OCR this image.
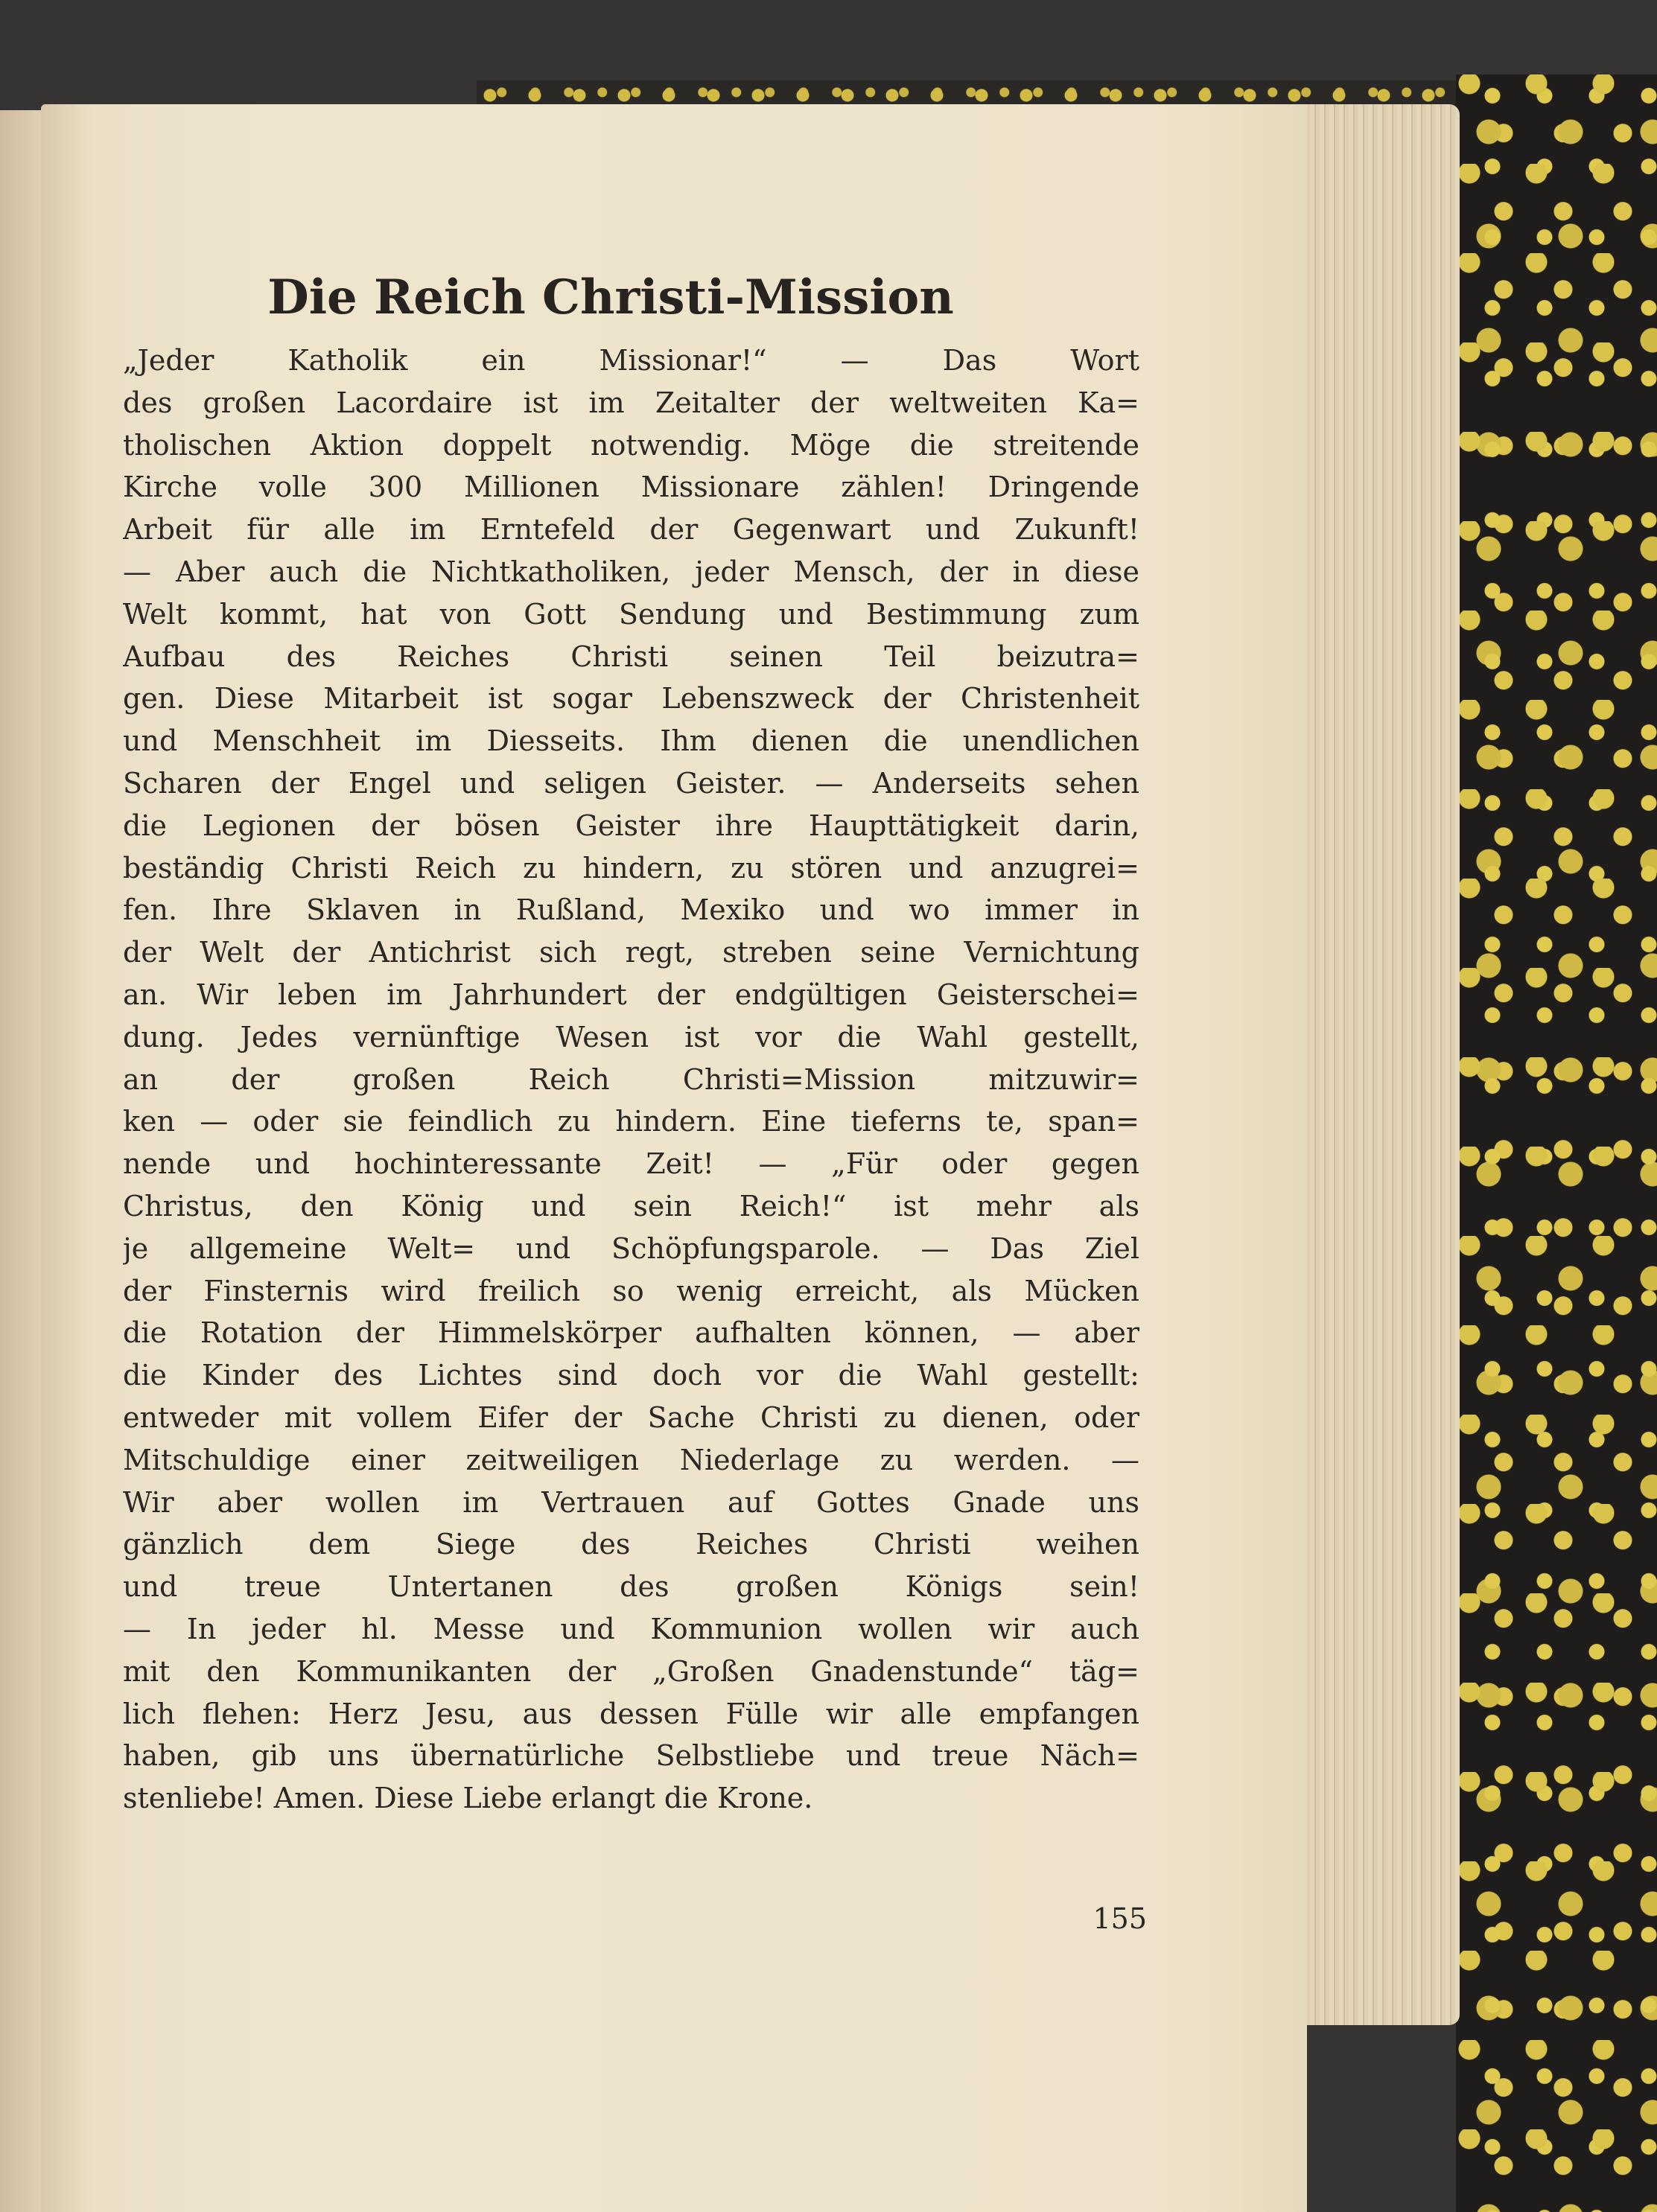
Die Reich Christi-Mission
„Jeder Katholik ein Missionar!“ — Das Wort
des großen Lacordaire ist im Zeitalter der weltweiten Ka=
tholischen Aktion doppelt notwendig. Möge die streitende
Kirche volle 300 Millionen Missionare zählen! Dringende
Arbeit für alle im Erntefeld der Gegenwart und Zukunft!
— Aber auch die Nichtkatholiken, jeder Mensch, der in diese
Welt kommt, hat von Gott Sendung und Bestimmung zum
Aufbau des Reiches Christi seinen Teil beizutra=
gen. Diese Mitarbeit ist sogar Lebenszweck der Christenheit
und Menschheit im Diesseits. Ihm dienen die unendlichen
Scharen der Engel und seligen Geister. — Anderseits sehen
die Legionen der bösen Geister ihre Haupttätigkeit darin,
beständig Christi Reich zu hindern, zu stören und anzugrei=
fen. Ihre Sklaven in Rußland, Mexiko und wo immer in
der Welt der Antichrist sich regt, streben seine Vernichtung
an. Wir leben im Jahrhundert der endgültigen Geisterschei=
dung. Jedes vernünftige Wesen ist vor die Wahl gestellt,
an der großen Reich Christi=Mission mitzuwir=
ken — oder sie feindlich zu hindern. Eine tieferns te, span=
nende und hochinteressante Zeit! — „Für oder gegen
Christus, den König und sein Reich!“ ist mehr als
je allgemeine Welt= und Schöpfungsparole. — Das Ziel
der Finsternis wird freilich so wenig erreicht, als Mücken
die Rotation der Himmelskörper aufhalten können, — aber
die Kinder des Lichtes sind doch vor die Wahl gestellt:
entweder mit vollem Eifer der Sache Christi zu dienen, oder
Mitschuldige einer zeitweiligen Niederlage zu werden. —
Wir aber wollen im Vertrauen auf Gottes Gnade uns
gänzlich dem Siege des Reiches Christi weihen
und treue Untertanen des großen Königs sein!
— In jeder hl. Messe und Kommunion wollen wir auch
mit den Kommunikanten der „Großen Gnadenstunde“ täg=
lich flehen: Herz Jesu, aus dessen Fülle wir alle empfangen
haben, gib uns übernatürliche Selbstliebe und treue Näch=
stenliebe! Amen. Diese Liebe erlangt die Krone.
155
